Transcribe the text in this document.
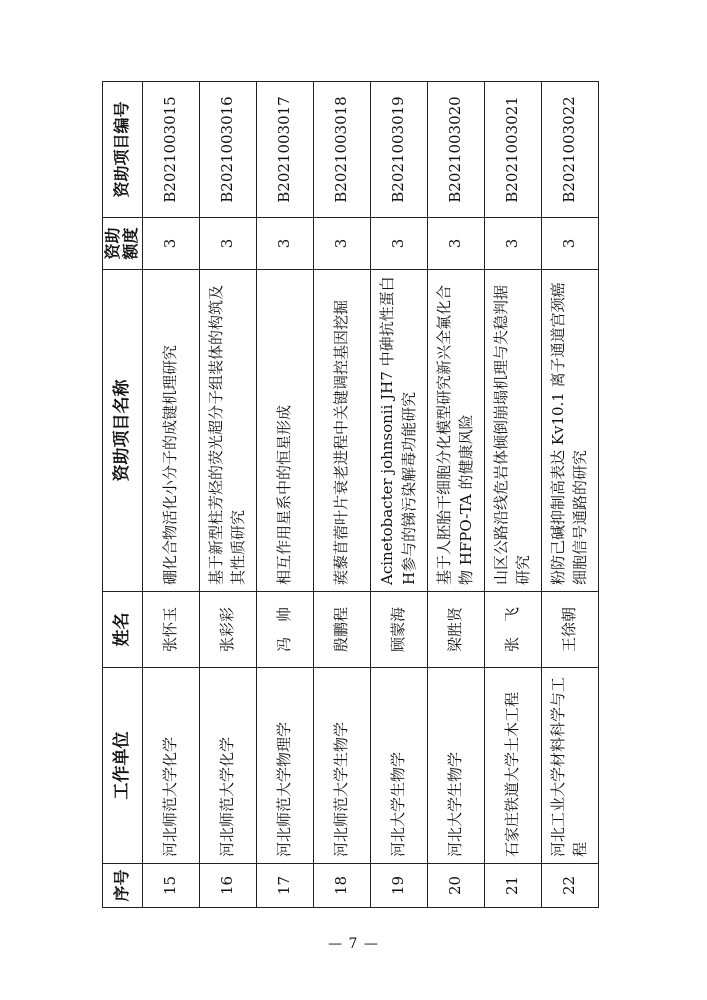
序号	工作单位	姓名	资助项目名称	资助额度	资助项目编号
15	河北师范大学化学	张怀玉	硼化合物活化小分子的成键机理研究	3	B2021003015
16	河北师范大学化学	张彩彩	基于新型柱芳烃的荧光超分子组装体的构筑及其性质研究	3	B2021003016
17	河北师范大学物理学	冯　帅	相互作用星系中的恒星形成	3	B2021003017
18	河北师范大学生物学	殷鹏程	蒺藜苜蓿叶片衰老进程中关键调控基因挖掘	3	B2021003018
19	河北大学生物学	顾蒙海	Acinetobacter johnsonii JH7 中砷抗性蛋白H参与的锑污染解毒功能研究	3	B2021003019
20	河北大学生物学	梁胜贤	基于人胚胎干细胞分化模型研究新兴全氟化合物 HFPO-TA 的健康风险	3	B2021003020
21	石家庄铁道大学土木工程	张　飞	山区公路沿线危岩体倾倒崩塌机理与失稳判据研究	3	B2021003021
22	河北工业大学材料科学与工程	王徐朝	粉防己碱抑制高表达 Kv10.1 离子通道宫颈癌细胞信号通路的研究	3	B2021003022
— 7 —
